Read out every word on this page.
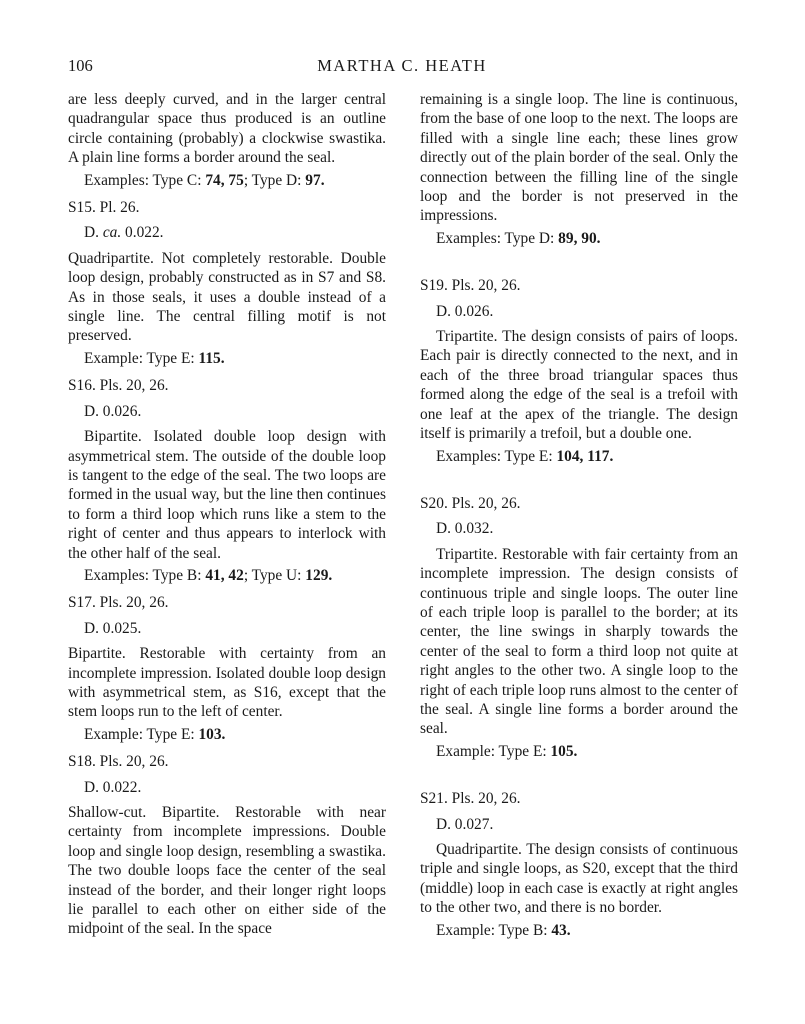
106	MARTHA C. HEATH

are less deeply curved, and in the larger central quadrangular space thus produced is an outline circle containing (probably) a clockwise swastika. A plain line forms a border around the seal.

Examples: Type C: 74, 75; Type D: 97.
S15. Pl. 26.
D. ca. 0.022.

Quadripartite. Not completely restorable. Double loop design, probably constructed as in S7 and S8. As in those seals, it uses a double instead of a single line. The central filling motif is not preserved.

Example: Type E: 115.
S16. Pls. 20, 26.
D. 0.026.

Bipartite. Isolated double loop design with asymmetrical stem. The outside of the double loop is tangent to the edge of the seal. The two loops are formed in the usual way, but the line then continues to form a third loop which runs like a stem to the right of center and thus appears to interlock with the other half of the seal.

Examples: Type B: 41, 42; Type U: 129.
S17. Pls. 20, 26.
D. 0.025.

Bipartite. Restorable with certainty from an incomplete impression. Isolated double loop design with asymmetrical stem, as S16, except that the stem loops run to the left of center.

Example: Type E: 103.
S18. Pls. 20, 26.
D. 0.022.

Shallow-cut. Bipartite. Restorable with near certainty from incomplete impressions. Double loop and single loop design, resembling a swastika. The two double loops face the center of the seal instead of the border, and their longer right loops lie parallel to each other on either side of the midpoint of the seal. In the space

remaining is a single loop. The line is continuous, from the base of one loop to the next. The loops are filled with a single line each; these lines grow directly out of the plain border of the seal. Only the connection between the filling line of the single loop and the border is not preserved in the impressions.

Examples: Type D: 89, 90.
S19. Pls. 20, 26.
D. 0.026.

Tripartite. The design consists of pairs of loops. Each pair is directly connected to the next, and in each of the three broad triangular spaces thus formed along the edge of the seal is a trefoil with one leaf at the apex of the triangle. The design itself is primarily a trefoil, but a double one.

Examples: Type E: 104, 117.
S20. Pls. 20, 26.
D. 0.032.

Tripartite. Restorable with fair certainty from an incomplete impression. The design consists of continuous triple and single loops. The outer line of each triple loop is parallel to the border; at its center, the line swings in sharply towards the center of the seal to form a third loop not quite at right angles to the other two. A single loop to the right of each triple loop runs almost to the center of the seal. A single line forms a border around the seal.

Example: Type E: 105.
S21. Pls. 20, 26.
D. 0.027.

Quadripartite. The design consists of continuous triple and single loops, as S20, except that the third (middle) loop in each case is exactly at right angles to the other two, and there is no border.

Example: Type B: 43.
